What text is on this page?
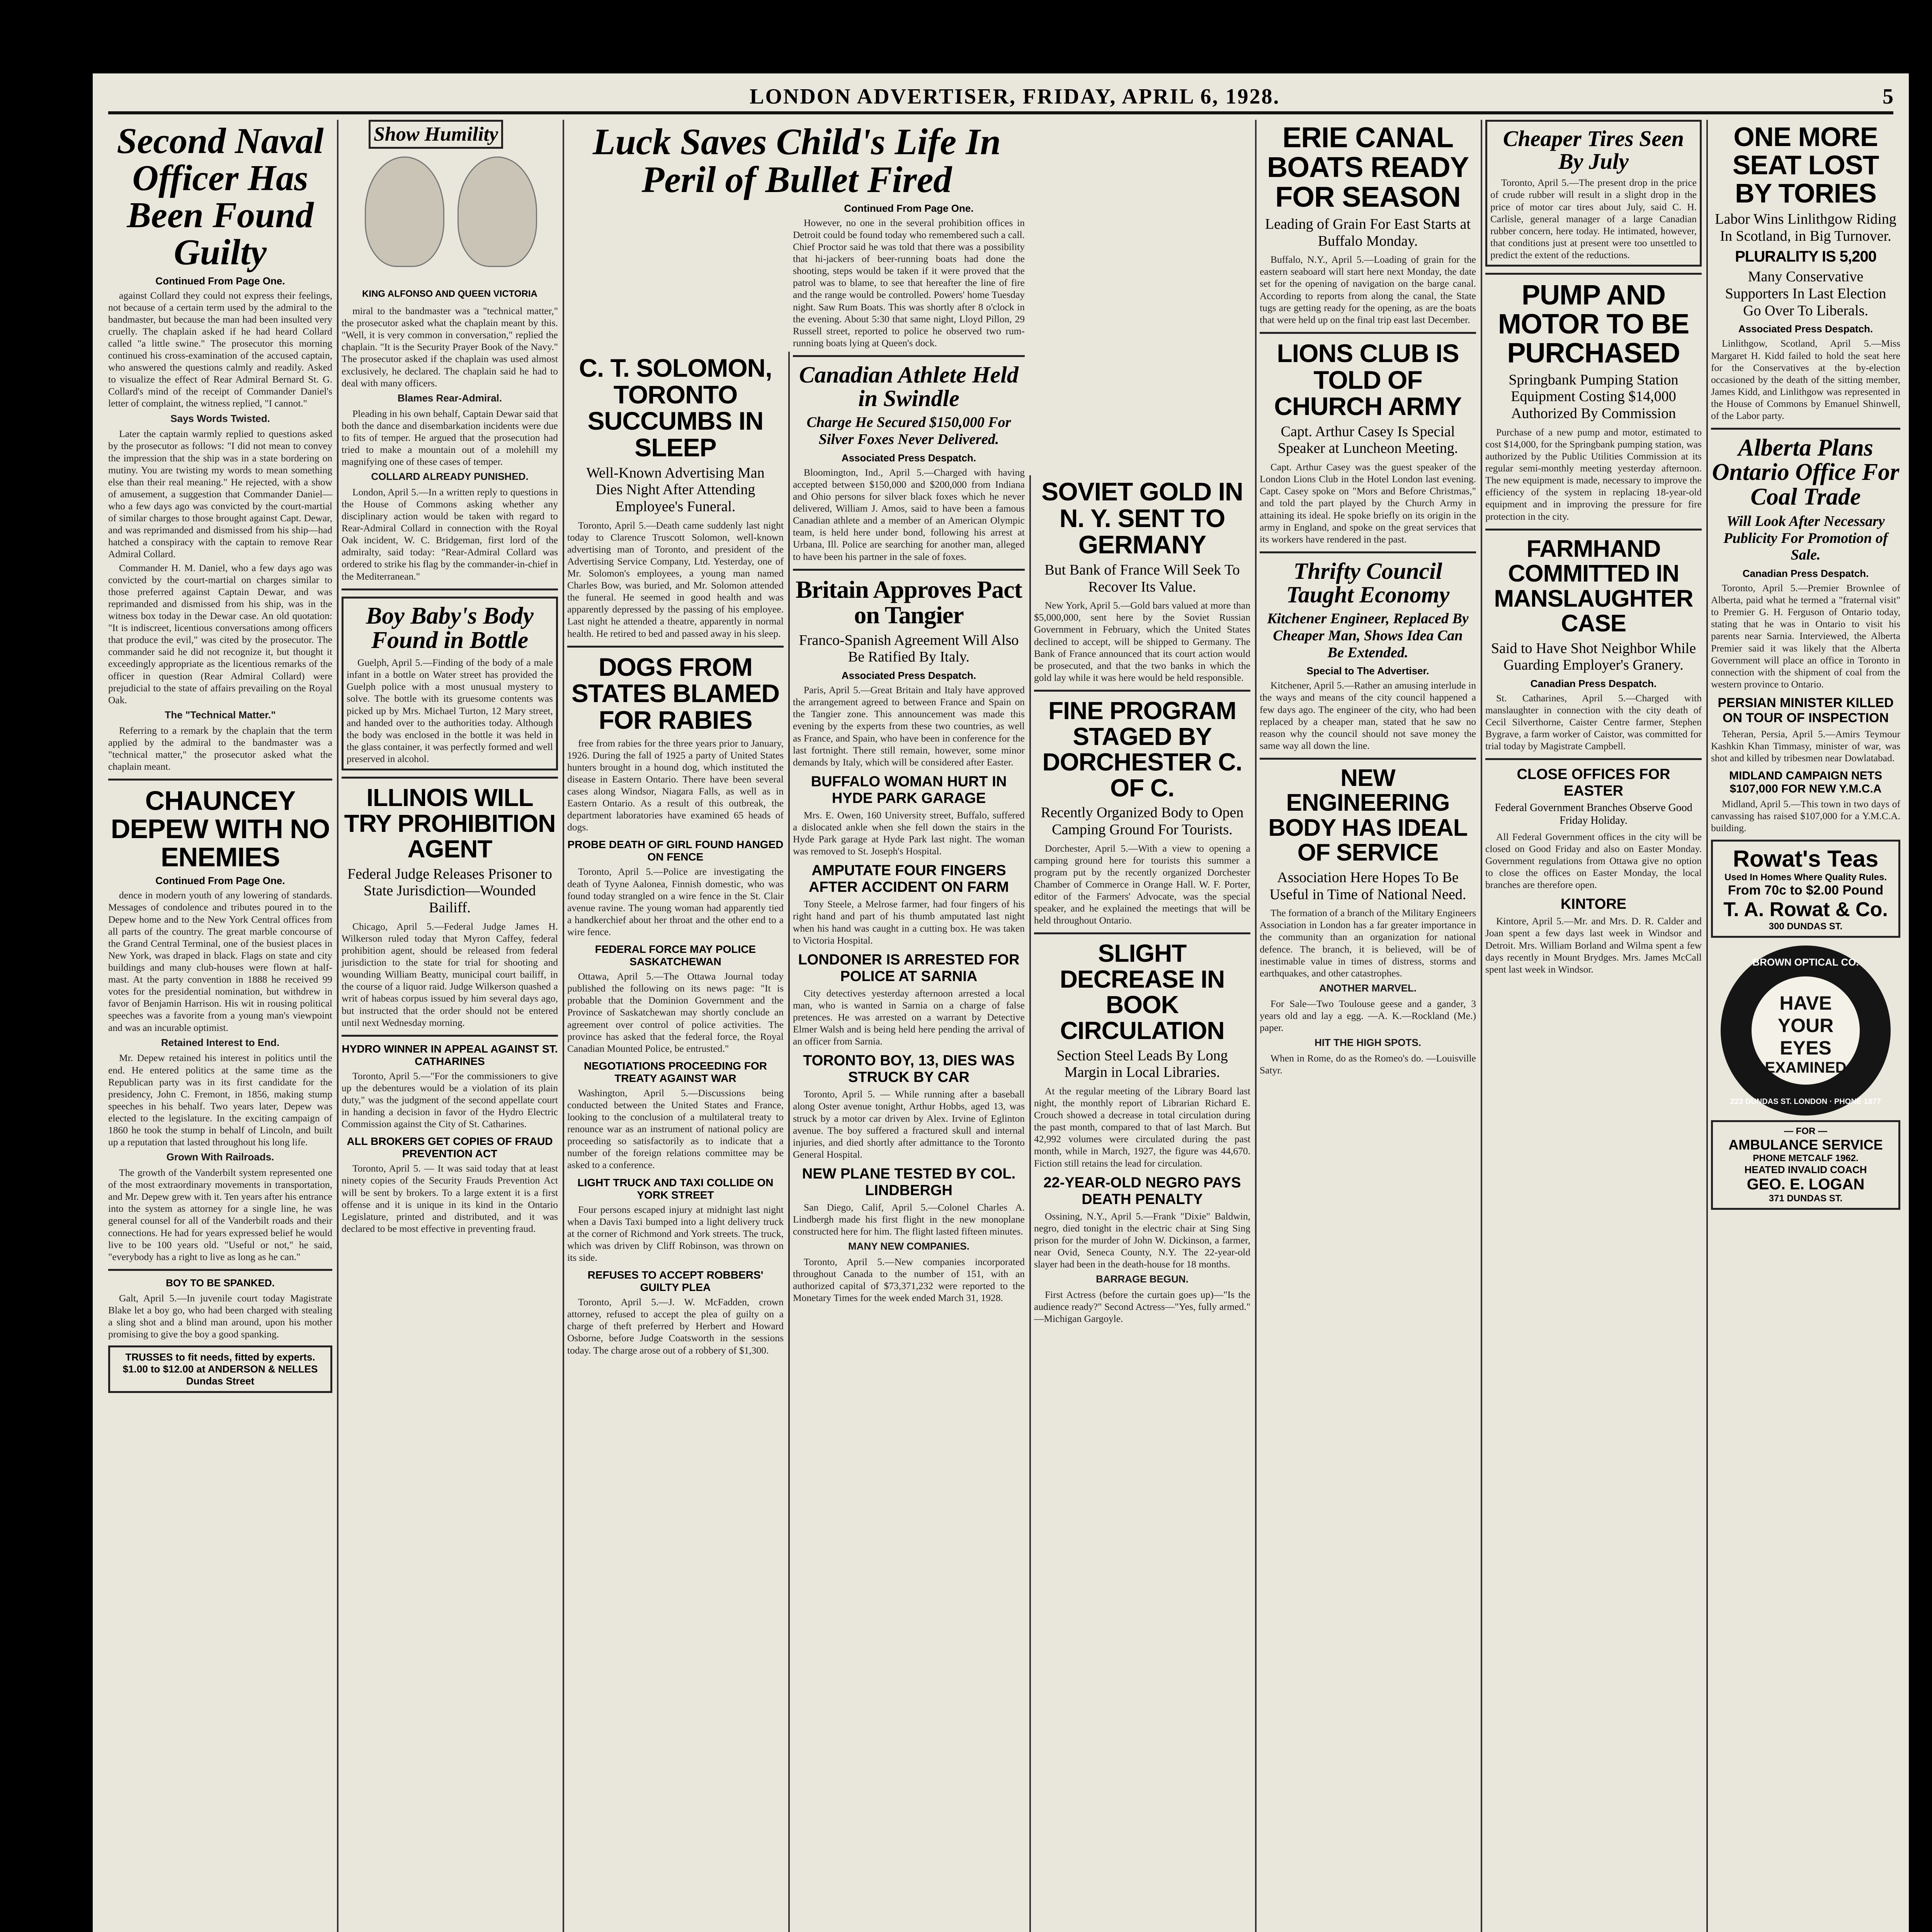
LONDON ADVERTISER, FRIDAY, APRIL 6, 1928.	5
Second Naval Officer Has Been Found Guilty
Continued From Page One.

against Collard they could not express their feelings, not because of a certain term used by the admiral to the bandmaster, but because the man had been insulted very cruelly. The chaplain asked if he had heard Collard called "a little swine." The prosecutor this morning continued his cross-examination of the accused captain, who answered the questions calmly and readily. Asked to visualize the effect of Rear Admiral Bernard St. G. Collard's mind of the receipt of Commander Daniel's letter of complaint, the witness replied, "I cannot."

Says Words Twisted.

Later the captain warmly replied to questions asked by the prosecutor as follows: "I did not mean to convey the impression that the ship was in a state bordering on mutiny. You are twisting my words to mean something else than their real meaning." He rejected, with a show of amusement, a suggestion that Commander Daniel—who a few days ago was convicted by the court-martial of similar charges to those brought against Capt. Dewar, and was reprimanded and dismissed from his ship—had hatched a conspiracy with the captain to remove Rear Admiral Collard.

Commander H. M. Daniel, who a few days ago was convicted by the court-martial on charges similar to those preferred against Captain Dewar, and was reprimanded and dismissed from his ship, was in the witness box today in the Dewar case. An old quotation: "It is indiscreet, licentious conversations among officers that produce the evil," was cited by the prosecutor. The commander said he did not recognize it, but thought it exceedingly appropriate as the licentious remarks of the officer in question (Rear Admiral Collard) were prejudicial to the state of affairs prevailing on the Royal Oak.

The "Technical Matter."

Referring to a remark by the chaplain that the term applied by the admiral to the bandmaster was a "technical matter," the prosecutor asked what the chaplain meant.

CHAUNCEY DEPEW WITH NO ENEMIES
Continued From Page One.

dence in modern youth of any lowering of standards. Messages of condolence and tributes poured in to the Depew home and to the New York Central offices from all parts of the country. The great marble concourse of the Grand Central Terminal, one of the busiest places in New York, was draped in black. Flags on state and city buildings and many club-houses were flown at half-mast. At the party convention in 1888 he received 99 votes for the presidential nomination, but withdrew in favor of Benjamin Harrison. His wit in rousing political speeches was a favorite from a young man's viewpoint and was an incurable optimist.

Retained Interest to End.

Mr. Depew retained his interest in politics until the end. He entered politics at the same time as the Republican party was in its first candidate for the presidency, John C. Fremont, in 1856, making stump speeches in his behalf. Two years later, Depew was elected to the legislature. In the exciting campaign of 1860 he took the stump in behalf of Lincoln, and built up a reputation that lasted throughout his long life.

Grown With Railroads.

The growth of the Vanderbilt system represented one of the most extraordinary movements in transportation, and Mr. Depew grew with it. Ten years after his entrance into the system as attorney for a single line, he was general counsel for all of the Vanderbilt roads and their connections. He had for years expressed belief he would live to be 100 years old. "Useful or not," he said, "everybody has a right to live as long as he can."

BOY TO BE SPANKED.

Galt, April 5.—In juvenile court today Magistrate Blake let a boy go, who had been charged with stealing a sling shot and a blind man around, upon his mother promising to give the boy a good spanking.

TRUSSES to fit needs, fitted by experts. $1.00 to $12.00 at ANDERSON & NELLES Dundas Street
Show Humility
KING ALFONSO AND QUEEN VICTORIA

miral to the bandmaster was a "technical matter," the prosecutor asked what the chaplain meant by this. "Well, it is very common in conversation," replied the chaplain. "It is the Security Prayer Book of the Navy." The prosecutor asked if the chaplain was used almost exclusively, he declared. The chaplain said he had to deal with many officers.

Blames Rear-Admiral.

Pleading in his own behalf, Captain Dewar said that both the dance and disembarkation incidents were due to fits of temper. He argued that the prosecution had tried to make a mountain out of a molehill my magnifying one of these cases of temper.

COLLARD ALREADY PUNISHED.

London, April 5.—In a written reply to questions in the House of Commons asking whether any disciplinary action would be taken with regard to Rear-Admiral Collard in connection with the Royal Oak incident, W. C. Bridgeman, first lord of the admiralty, said today: "Rear-Admiral Collard was ordered to strike his flag by the commander-in-chief in the Mediterranean."

Boy Baby's Body Found in Bottle

Guelph, April 5.—Finding of the body of a male infant in a bottle on Water street has provided the Guelph police with a most unusual mystery to solve. The bottle with its gruesome contents was picked up by Mrs. Michael Turton, 12 Mary street, and handed over to the authorities today. Although the body was enclosed in the bottle it was held in the glass container, it was perfectly formed and well preserved in alcohol.

ILLINOIS WILL TRY PROHIBITION AGENT
Federal Judge Releases Prisoner to State Jurisdiction—Wounded Bailiff.

Chicago, April 5.—Federal Judge James H. Wilkerson ruled today that Myron Caffey, federal prohibition agent, should be released from federal jurisdiction to the state for trial for shooting and wounding William Beatty, municipal court bailiff, in the course of a liquor raid. Judge Wilkerson quashed a writ of habeas corpus issued by him several days ago, but instructed that the order should not be entered until next Wednesday morning.

HYDRO WINNER IN APPEAL AGAINST ST. CATHARINES

Toronto, April 5.—"For the commissioners to give up the debentures would be a violation of its plain duty," was the judgment of the second appellate court in handing a decision in favor of the Hydro Electric Commission against the City of St. Catharines.

ALL BROKERS GET COPIES OF FRAUD PREVENTION ACT

Toronto, April 5. — It was said today that at least ninety copies of the Security Frauds Prevention Act will be sent by brokers. To a large extent it is a first offense and it is unique in its kind in the Ontario Legislature, printed and distributed, and it was declared to be most effective in preventing fraud.

C. T. SOLOMON, TORONTO SUCCUMBS IN SLEEP
Well-Known Advertising Man Dies Night After Attending Employee's Funeral.

Toronto, April 5.—Death came suddenly last night today to Clarence Truscott Solomon, well-known advertising man of Toronto, and president of the Advertising Service Company, Ltd. Yesterday, one of Mr. Solomon's employees, a young man named Charles Bow, was buried, and Mr. Solomon attended the funeral. He seemed in good health and was apparently depressed by the passing of his employee. Last night he attended a theatre, apparently in normal health. He retired to bed and passed away in his sleep.

DOGS FROM STATES BLAMED FOR RABIES

free from rabies for the three years prior to January, 1926. During the fall of 1925 a party of United States hunters brought in a hound dog, which instituted the disease in Eastern Ontario. There have been several cases along Windsor, Niagara Falls, as well as in Eastern Ontario. As a result of this outbreak, the department laboratories have examined 65 heads of dogs.

PROBE DEATH OF GIRL FOUND HANGED ON FENCE

Toronto, April 5.—Police are investigating the death of Tyyne Aalonea, Finnish domestic, who was found today strangled on a wire fence in the St. Clair avenue ravine. The young woman had apparently tied a handkerchief about her throat and the other end to a wire fence.

FEDERAL FORCE MAY POLICE SASKATCHEWAN

Ottawa, April 5.—The Ottawa Journal today published the following on its news page: "It is probable that the Dominion Government and the Province of Saskatchewan may shortly conclude an agreement over control of police activities. The province has asked that the federal force, the Royal Canadian Mounted Police, be entrusted."

NEGOTIATIONS PROCEEDING FOR TREATY AGAINST WAR

Washington, April 5.—Discussions being conducted between the United States and France, looking to the conclusion of a multilateral treaty to renounce war as an instrument of national policy are proceeding so satisfactorily as to indicate that a number of the foreign relations committee may be asked to a conference.

LIGHT TRUCK AND TAXI COLLIDE ON YORK STREET

Four persons escaped injury at midnight last night when a Davis Taxi bumped into a light delivery truck at the corner of Richmond and York streets. The truck, which was driven by Cliff Robinson, was thrown on its side.

REFUSES TO ACCEPT ROBBERS' GUILTY PLEA

Toronto, April 5.—J. W. McFadden, crown attorney, refused to accept the plea of guilty on a charge of theft preferred by Herbert and Howard Osborne, before Judge Coatsworth in the sessions today. The charge arose out of a robbery of $1,300.

Luck Saves Child's Life In Peril of Bullet Fired
Continued From Page One.

However, no one in the several prohibition offices in Detroit could be found today who remembered such a call. Chief Proctor said he was told that there was a possibility that hi-jackers of beer-running boats had done the shooting, steps would be taken if it were proved that the patrol was to blame, to see that hereafter the line of fire and the range would be controlled. Powers' home Tuesday night. Saw Rum Boats. This was shortly after 8 o'clock in the evening. About 5:30 that same night, Lloyd Pillon, 29 Russell street, reported to police he observed two rum-running boats lying at Queen's dock.

Canadian Athlete Held in Swindle
Charge He Secured $150,000 For Silver Foxes Never Delivered.
Associated Press Despatch.

Bloomington, Ind., April 5.—Charged with having accepted between $150,000 and $200,000 from Indiana and Ohio persons for silver black foxes which he never delivered, William J. Amos, said to have been a famous Canadian athlete and a member of an American Olympic team, is held here under bond, following his arrest at Urbana, Ill. Police are searching for another man, alleged to have been his partner in the sale of foxes.

Britain Approves Pact on Tangier
Franco-Spanish Agreement Will Also Be Ratified By Italy.
Associated Press Despatch.

Paris, April 5.—Great Britain and Italy have approved the arrangement agreed to between France and Spain on the Tangier zone. This announcement was made this evening by the experts from these two countries, as well as France, and Spain, who have been in conference for the last fortnight. There still remain, however, some minor demands by Italy, which will be considered after Easter.

BUFFALO WOMAN HURT IN HYDE PARK GARAGE

Mrs. E. Owen, 160 University street, Buffalo, suffered a dislocated ankle when she fell down the stairs in the Hyde Park garage at Hyde Park last night. The woman was removed to St. Joseph's Hospital.

AMPUTATE FOUR FINGERS AFTER ACCIDENT ON FARM

Tony Steele, a Melrose farmer, had four fingers of his right hand and part of his thumb amputated last night when his hand was caught in a cutting box. He was taken to Victoria Hospital.

LONDONER IS ARRESTED FOR POLICE AT SARNIA

City detectives yesterday afternoon arrested a local man, who is wanted in Sarnia on a charge of false pretences. He was arrested on a warrant by Detective Elmer Walsh and is being held here pending the arrival of an officer from Sarnia.

TORONTO BOY, 13, DIES WAS STRUCK BY CAR

Toronto, April 5. — While running after a baseball along Oster avenue tonight, Arthur Hobbs, aged 13, was struck by a motor car driven by Alex. Irvine of Eglinton avenue. The boy suffered a fractured skull and internal injuries, and died shortly after admittance to the Toronto General Hospital.

NEW PLANE TESTED BY COL. LINDBERGH

San Diego, Calif, April 5.—Colonel Charles A. Lindbergh made his first flight in the new monoplane constructed here for him. The flight lasted fifteen minutes.

MANY NEW COMPANIES.

Toronto, April 5.—New companies incorporated throughout Canada to the number of 151, with an authorized capital of $73,371,232 were reported to the Monetary Times for the week ended March 31, 1928.

SOVIET GOLD IN N. Y. SENT TO GERMANY
But Bank of France Will Seek To Recover Its Value.

New York, April 5.—Gold bars valued at more than $5,000,000, sent here by the Soviet Russian Government in February, which the United States declined to accept, will be shipped to Germany. The Bank of France announced that its court action would be prosecuted, and that the two banks in which the gold lay while it was here would be held responsible.

FINE PROGRAM STAGED BY DORCHESTER C. OF C.
Recently Organized Body to Open Camping Ground For Tourists.

Dorchester, April 5.—With a view to opening a camping ground here for tourists this summer a program put by the recently organized Dorchester Chamber of Commerce in Orange Hall. W. F. Porter, editor of the Farmers' Advocate, was the special speaker, and he explained the meetings that will be held throughout Ontario.

SLIGHT DECREASE IN BOOK CIRCULATION
Section Steel Leads By Long Margin in Local Libraries.

At the regular meeting of the Library Board last night, the monthly report of Librarian Richard E. Crouch showed a decrease in total circulation during the past month, compared to that of last March. But 42,992 volumes were circulated during the past month, while in March, 1927, the figure was 44,670. Fiction still retains the lead for circulation.

22-YEAR-OLD NEGRO PAYS DEATH PENALTY

Ossining, N.Y., April 5.—Frank "Dixie" Baldwin, negro, died tonight in the electric chair at Sing Sing prison for the murder of John W. Dickinson, a farmer, near Ovid, Seneca County, N.Y. The 22-year-old slayer had been in the death-house for 18 months.

BARRAGE BEGUN.

First Actress (before the curtain goes up)—"Is the audience ready?" Second Actress—"Yes, fully armed." —Michigan Gargoyle.

ERIE CANAL BOATS READY FOR SEASON
Leading of Grain For East Starts at Buffalo Monday.

Buffalo, N.Y., April 5.—Loading of grain for the eastern seaboard will start here next Monday, the date set for the opening of navigation on the barge canal. According to reports from along the canal, the State tugs are getting ready for the opening, as are the boats that were held up on the final trip east last December.

LIONS CLUB IS TOLD OF CHURCH ARMY
Capt. Arthur Casey Is Special Speaker at Luncheon Meeting.

Capt. Arthur Casey was the guest speaker of the London Lions Club in the Hotel London last evening. Capt. Casey spoke on "Mors and Before Christmas," and told the part played by the Church Army in attaining its ideal. He spoke briefly on its origin in the army in England, and spoke on the great services that its workers have rendered in the past.

Thrifty Council Taught Economy
Kitchener Engineer, Replaced By Cheaper Man, Shows Idea Can Be Extended.
Special to The Advertiser.

Kitchener, April 5.—Rather an amusing interlude in the ways and means of the city council happened a few days ago. The engineer of the city, who had been replaced by a cheaper man, stated that he saw no reason why the council should not save money the same way all down the line.

NEW ENGINEERING BODY HAS IDEAL OF SERVICE
Association Here Hopes To Be Useful in Time of National Need.

The formation of a branch of the Military Engineers Association in London has a far greater importance in the community than an organization for national defence. The branch, it is believed, will be of inestimable value in times of distress, storms and earthquakes, and other catastrophes.

ANOTHER MARVEL.

For Sale—Two Toulouse geese and a gander, 3 years old and lay a egg. —A. K.—Rockland (Me.) paper.

HIT THE HIGH SPOTS.

When in Rome, do as the Romeo's do. —Louisville Satyr.

Cheaper Tires Seen By July

Toronto, April 5.—The present drop in the price of crude rubber will result in a slight drop in the price of motor car tires about July, said C. H. Carlisle, general manager of a large Canadian rubber concern, here today. He intimated, however, that conditions just at present were too unsettled to predict the extent of the reductions.

PUMP AND MOTOR TO BE PURCHASED
Springbank Pumping Station Equipment Costing $14,000 Authorized By Commission

Purchase of a new pump and motor, estimated to cost $14,000, for the Springbank pumping station, was authorized by the Public Utilities Commission at its regular semi-monthly meeting yesterday afternoon. The new equipment is made, necessary to improve the efficiency of the system in replacing 18-year-old equipment and in improving the pressure for fire protection in the city.

FARMHAND COMMITTED IN MANSLAUGHTER CASE
Said to Have Shot Neighbor While Guarding Employer's Granery.
Canadian Press Despatch.

St. Catharines, April 5.—Charged with manslaughter in connection with the city death of Cecil Silverthorne, Caister Centre farmer, Stephen Bygrave, a farm worker of Caistor, was committed for trial today by Magistrate Campbell.

CLOSE OFFICES FOR EASTER
Federal Government Branches Observe Good Friday Holiday.

All Federal Government offices in the city will be closed on Good Friday and also on Easter Monday. Government regulations from Ottawa give no option to close the offices on Easter Monday, the local branches are therefore open.

KINTORE

Kintore, April 5.—Mr. and Mrs. D. R. Calder and Joan spent a few days last week in Windsor and Detroit. Mrs. William Borland and Wilma spent a few days recently in Mount Brydges. Mrs. James McCall spent last week in Windsor.

ONE MORE SEAT LOST BY TORIES
Labor Wins Linlithgow Riding In Scotland, in Big Turnover.
PLURALITY IS 5,200
Many Conservative Supporters In Last Election Go Over To Liberals.
Associated Press Despatch.

Linlithgow, Scotland, April 5.—Miss Margaret H. Kidd failed to hold the seat here for the Conservatives at the by-election occasioned by the death of the sitting member, James Kidd, and Linlithgow was represented in the House of Commons by Emanuel Shinwell, of the Labor party.

Alberta Plans Ontario Office For Coal Trade
Will Look After Necessary Publicity For Promotion of Sale.
Canadian Press Despatch.

Toronto, April 5.—Premier Brownlee of Alberta, paid what he termed a "fraternal visit" to Premier G. H. Ferguson of Ontario today, stating that he was in Ontario to visit his parents near Sarnia. Interviewed, the Alberta Premier said it was likely that the Alberta Government will place an office in Toronto in connection with the shipment of coal from the western province to Ontario.

PERSIAN MINISTER KILLED ON TOUR OF INSPECTION

Teheran, Persia, April 5.—Amirs Teymour Kashkin Khan Timmasy, minister of war, was shot and killed by tribesmen near Dowlatabad.

MIDLAND CAMPAIGN NETS $107,000 FOR NEW Y.M.C.A

Midland, April 5.—This town in two days of canvassing has raised $107,000 for a Y.M.C.A. building.

Rowat's Teas
Used In Homes Where Quality Rules.
From 70c to $2.00 Pound
T. A. Rowat & Co.
300 DUNDAS ST.
BROWN OPTICAL CO.
HAVE
YOUR EYES
EXAMINED
223 DUNDAS ST. LONDON · PHONE 1877
— FOR —
AMBULANCE SERVICE
PHONE METCALF 1962.
HEATED INVALID COACH
GEO. E. LOGAN
371 DUNDAS ST.
